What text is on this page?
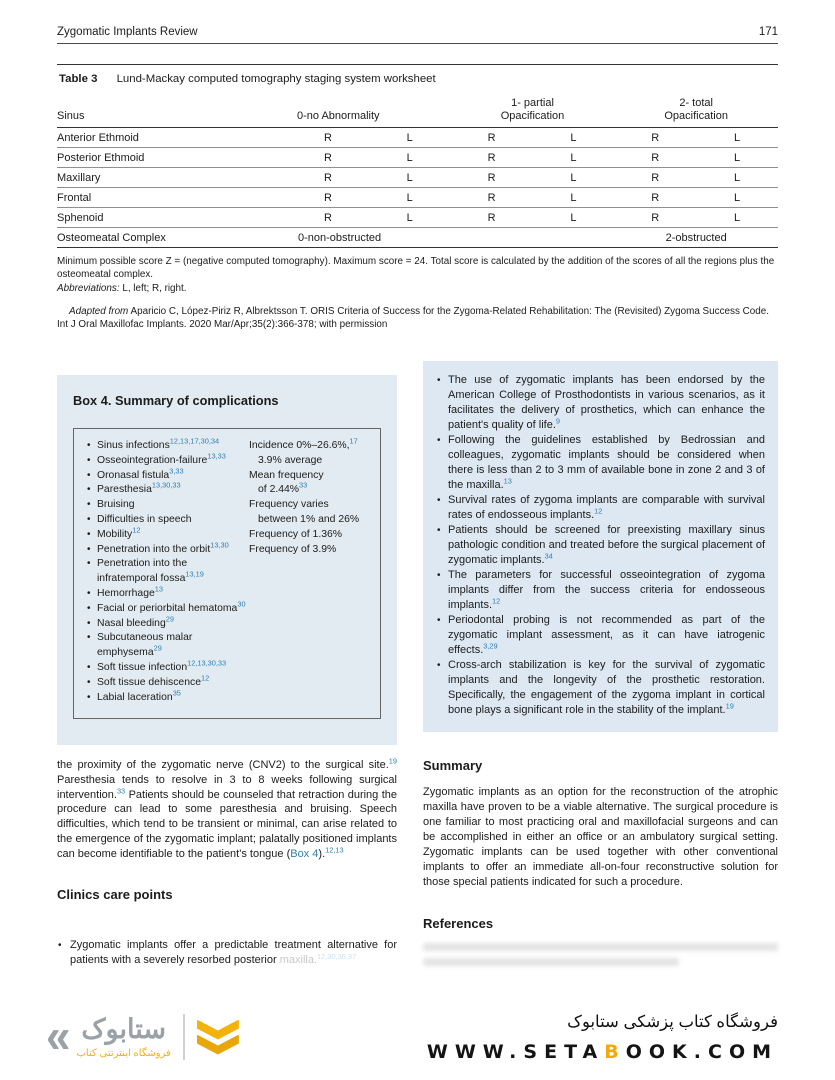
Zygomatic Implants Review	171
Table 3 Lund-Mackay computed tomography staging system worksheet
Sinus	0-no Abnormality
1- partial
Opacification
2- total
Opacification
Anterior Ethmoid	R	L	R	L	R	L
Posterior Ethmoid	R	L	R	L	R	L
Maxillary	R	L	R	L	R	L
Frontal	R	L	R	L	R	L
Sphenoid	R	L	R	L	R	L
Osteomeatal Complex	0-non-obstructed	2-obstructed

Minimum possible score Z = (negative computed tomography). Maximum score = 24. Total score is calculated by the addition of the scores of all the regions plus the osteomeatal complex.

Abbreviations: L, left; R, right.

Adapted from Aparicio C, López-Piriz R, Albrektsson T. ORIS Criteria of Success for the Zygoma-Related Rehabilitation: The (Revisited) Zygoma Success Code. Int J Oral Maxillofac Implants. 2020 Mar/Apr;35(2):366-378; with permission

Box 4. Summary of complications
• Sinus infections$^{12,13,17,30,34}$
• Osseointegration-failure$^{13,33}$
• Oronasal fistula$^{3,33}$
• Paresthesia$^{13,30,33}$
• Bruising
• Difficulties in speech
• Mobility$^{12}$
• Penetration into the orbit$^{13,30}$
• Penetration into the infratemporal fossa$^{13,19}$
• Hemorrhage$^{13}$
• Facial or periorbital hematoma$^{30}$
• Nasal bleeding$^{29}$
• Subcutaneous malar emphysema$^{29}$
• Soft tissue infection$^{12,13,30,33}$
• Soft tissue dehiscence$^{12}$
• Labial laceration$^{35}$
Incidence 0%–26.6%,$^{17}$
3.9% average
Mean frequency
of 2.44%$^{33}$
Frequency varies
between 1% and 26%
Frequency of 1.36%
Frequency of 3.9%

the proximity of the zygomatic nerve (CNV2) to the surgical site.$^{19}$ Paresthesia tends to resolve in 3 to 8 weeks following surgical intervention.$^{33}$ Patients should be counseled that retraction during the procedure can lead to some paresthesia and bruising. Speech difficulties, which tend to be transient or minimal, can arise related to the emergence of the zygomatic implant; palatally positioned implants can become identifiable to the patient's tongue (Box 4).$^{12,13}$

Clinics care points
• Zygomatic implants offer a predictable treatment alternative for patients with a severely resorbed posterior maxilla.$^{12,30,36,37}$
• The use of zygomatic implants has been endorsed by the American College of Prosthodontists in various scenarios, as it facilitates the delivery of prosthetics, which can enhance the patient's quality of life.$^9$
• Following the guidelines established by Bedrossian and colleagues, zygomatic implants should be considered when there is less than 2 to 3 mm of available bone in zone 2 and 3 of the maxilla.$^{13}$
• Survival rates of zygoma implants are comparable with survival rates of endosseous implants.$^{12}$
• Patients should be screened for preexisting maxillary sinus pathologic condition and treated before the surgical placement of zygomatic implants.$^{34}$
• The parameters for successful osseointegration of zygoma implants differ from the success criteria for endosseous implants.$^{12}$
• Periodontal probing is not recommended as part of the zygomatic implant assessment, as it can have iatrogenic effects.$^{3,29}$
• Cross-arch stabilization is key for the survival of zygomatic implants and the longevity of the prosthetic restoration. Specifically, the engagement of the zygoma implant in cortical bone plays a significant role in the stability of the implant.$^{19}$
Summary

Zygomatic implants as an option for the reconstruction of the atrophic maxilla have proven to be a viable alternative. The surgical procedure is one familiar to most practicing oral and maxillofacial surgeons and can be accomplished in either an office or an ambulatory surgical setting. Zygomatic implants can be used together with other conventional implants to offer an immediate all-on-four reconstructive solution for those special patients indicated for such a procedure.

References
« ستابوک
فروشگاه اینترنتی کتاب
فروشگاه کتاب پزشکی ستابوک
WWW.SETABOOK.COM
